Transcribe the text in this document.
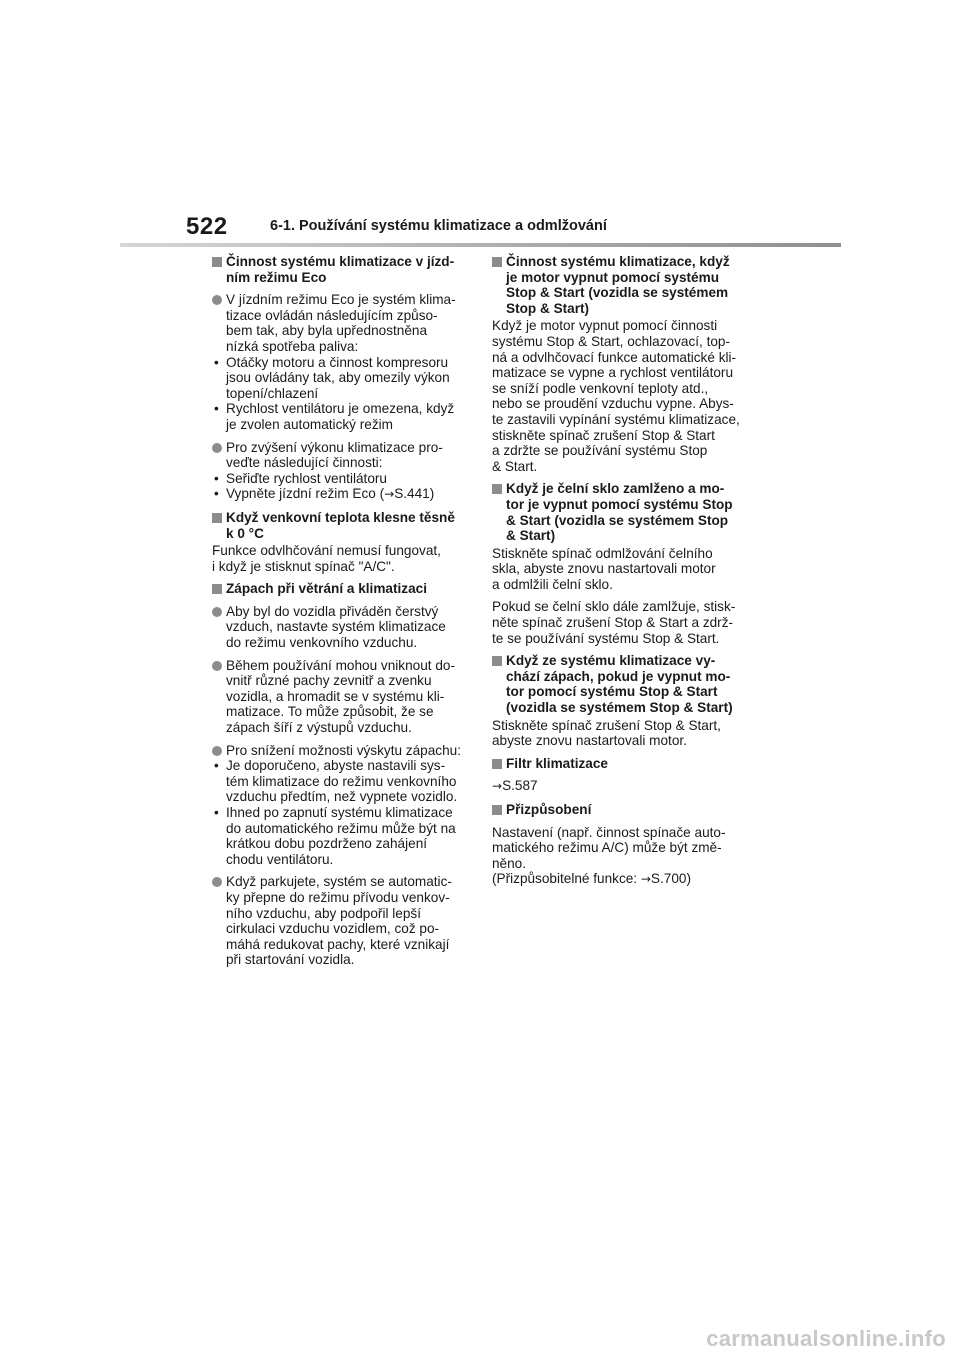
522	6-1. Používání systému klimatizace a odmlžování
Činnost systému klimatizace v jízd-
ním režimu Eco
V jízdním režimu Eco je systém klima-
tizace ovládán následujícím způso-
bem tak, aby byla upřednostněna
nízká spotřeba paliva:
• Otáčky motoru a činnost kompresoru
jsou ovládány tak, aby omezily výkon
topení/chlazení
• Rychlost ventilátoru je omezena, když
je zvolen automatický režim
Pro zvýšení výkonu klimatizace pro-
veďte následující činnosti:
• Seřiďte rychlost ventilátoru
• Vypněte jízdní režim Eco (→S.441)
Když venkovní teplota klesne těsně
k 0 °C
Funkce odvlhčování nemusí fungovat,
i když je stisknut spínač "A/C".
Zápach při větrání a klimatizaci
Aby byl do vozidla přiváděn čerstvý
vzduch, nastavte systém klimatizace
do režimu venkovního vzduchu.
Během používání mohou vniknout do-
vnitř různé pachy zevnitř a zvenku
vozidla, a hromadit se v systému kli-
matizace. To může způsobit, že se
zápach šíří z výstupů vzduchu.
Pro snížení možnosti výskytu zápachu:
• Je doporučeno, abyste nastavili sys-
tém klimatizace do režimu venkovního
vzduchu předtím, než vypnete vozidlo.
• Ihned po zapnutí systému klimatizace
do automatického režimu může být na
krátkou dobu pozdrženo zahájení
chodu ventilátoru.
Když parkujete, systém se automatic-
ky přepne do režimu přívodu venkov-
ního vzduchu, aby podpořil lepší
cirkulaci vzduchu vozidlem, což po-
máhá redukovat pachy, které vznikají
při startování vozidla.
Činnost systému klimatizace, když
je motor vypnut pomocí systému
Stop & Start (vozidla se systémem
Stop & Start)
Když je motor vypnut pomocí činnosti
systému Stop & Start, ochlazovací, top-
ná a odvlhčovací funkce automatické kli-
matizace se vypne a rychlost ventilátoru
se sníží podle venkovní teploty atd.,
nebo se proudění vzduchu vypne. Abys-
te zastavili vypínání systému klimatizace,
stiskněte spínač zrušení Stop & Start
a zdržte se používání systému Stop
& Start.
Když je čelní sklo zamlženo a mo-
tor je vypnut pomocí systému Stop
& Start (vozidla se systémem Stop
& Start)
Stiskněte spínač odmlžování čelního
skla, abyste znovu nastartovali motor
a odmlžili čelní sklo.
Pokud se čelní sklo dále zamlžuje, stisk-
něte spínač zrušení Stop & Start a zdrž-
te se používání systému Stop & Start.
Když ze systému klimatizace vy-
chází zápach, pokud je vypnut mo-
tor pomocí systému Stop & Start
(vozidla se systémem Stop & Start)
Stiskněte spínač zrušení Stop & Start,
abyste znovu nastartovali motor.
Filtr klimatizace
→S.587
Přizpůsobení
Nastavení (např. činnost spínače auto-
matického režimu A/C) může být změ-
něno.
(Přizpůsobitelné funkce: →S.700)
carmanualsonline.info
